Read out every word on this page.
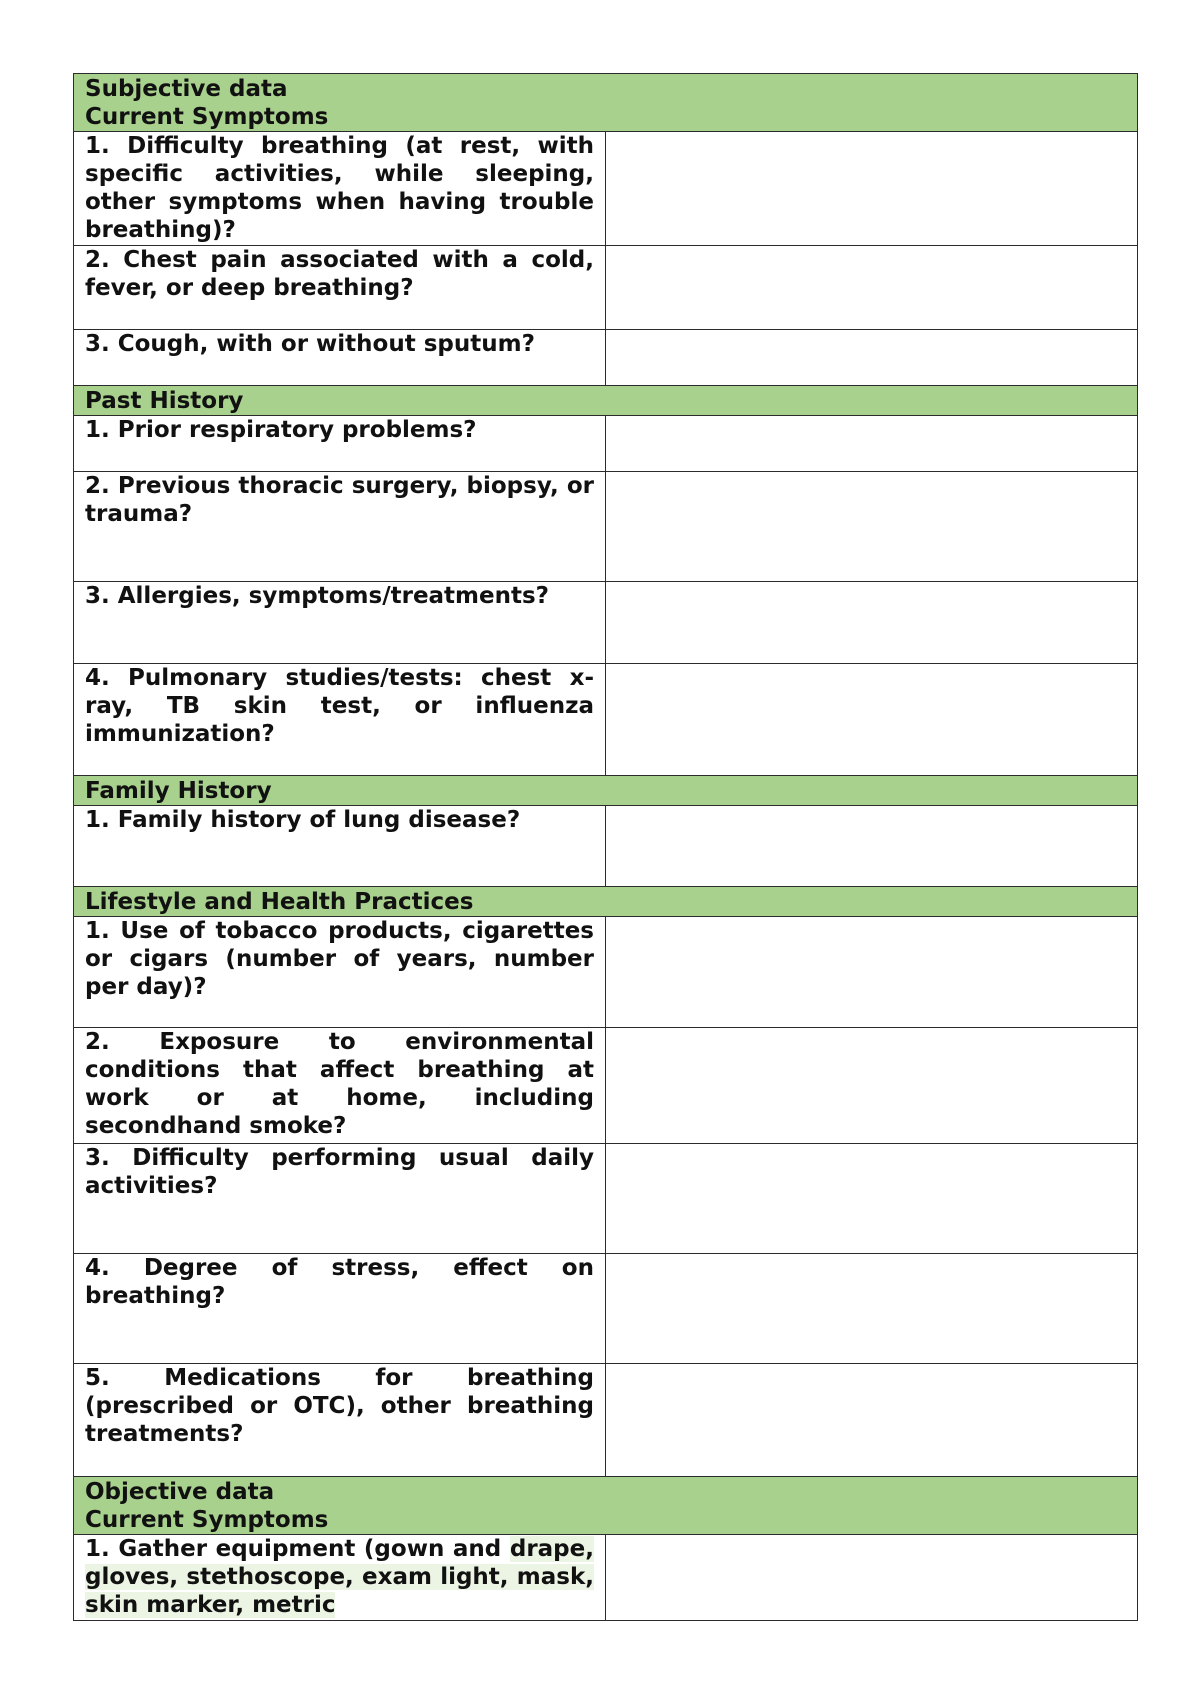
Subjective data
Current Symptoms	

1. Difficulty breathing (at rest, with specific activities, while sleeping, other symptoms when having trouble breathing)?	
2. Chest pain associated with a cold, fever, or deep breathing?	
3. Cough, with or without sputum?	
Past History	
1. Prior respiratory problems?	
2. Previous thoracic surgery, biopsy, or trauma?	
3. Allergies, symptoms/treatments?	
4. Pulmonary studies/tests: chest x-ray, TB skin test, or influenza immunization?	
Family History	
1. Family history of lung disease?	
Lifestyle and Health Practices	
1. Use of tobacco products, cigarettes or cigars (number of years, number per day)?	
2. Exposure to environmental conditions that affect breathing at work or at home, including secondhand smoke?	
3. Difficulty performing usual daily activities?	
4. Degree of stress, effect on breathing?	
5. Medications for breathing (prescribed or OTC), other breathing treatments?	

Objective data
Current Symptoms	

1. Gather equipment (gown and drape, gloves, stethoscope, exam light, mask, skin marker, metric	
